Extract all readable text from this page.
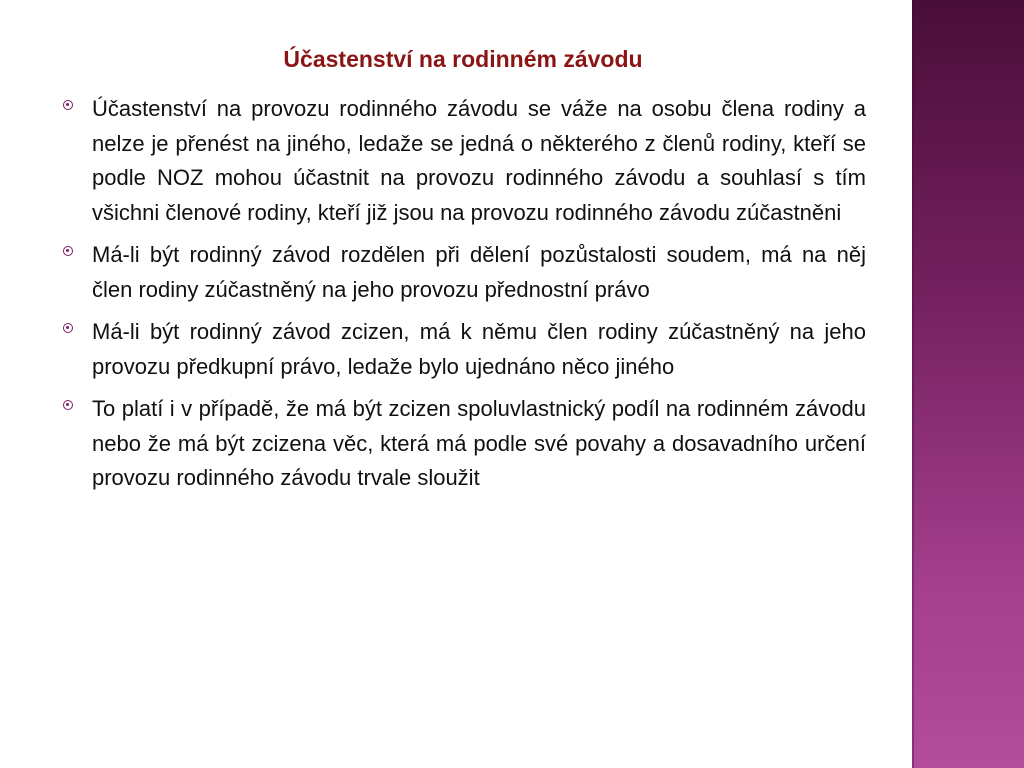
Účastenství na rodinném závodu
Účastenství na provozu rodinného závodu se váže na osobu člena rodiny a nelze je přenést na jiného, ledaže se jedná o některého z členů rodiny, kteří se podle NOZ mohou účastnit na provozu rodinného závodu a souhlasí s tím všichni členové rodiny, kteří již jsou na provozu rodinného závodu zúčastněni
Má-li být rodinný závod rozdělen při dělení pozůstalosti soudem, má na něj člen rodiny zúčastněný na jeho provozu přednostní právo
Má-li být rodinný závod zcizen, má k němu člen rodiny zúčastněný na jeho provozu předkupní právo, ledaže bylo ujednáno něco jiného
To platí i v případě, že má být zcizen spoluvlastnický podíl na rodinném závodu nebo že má být zcizena věc, která má podle své povahy a dosavadního určení provozu rodinného závodu trvale sloužit
